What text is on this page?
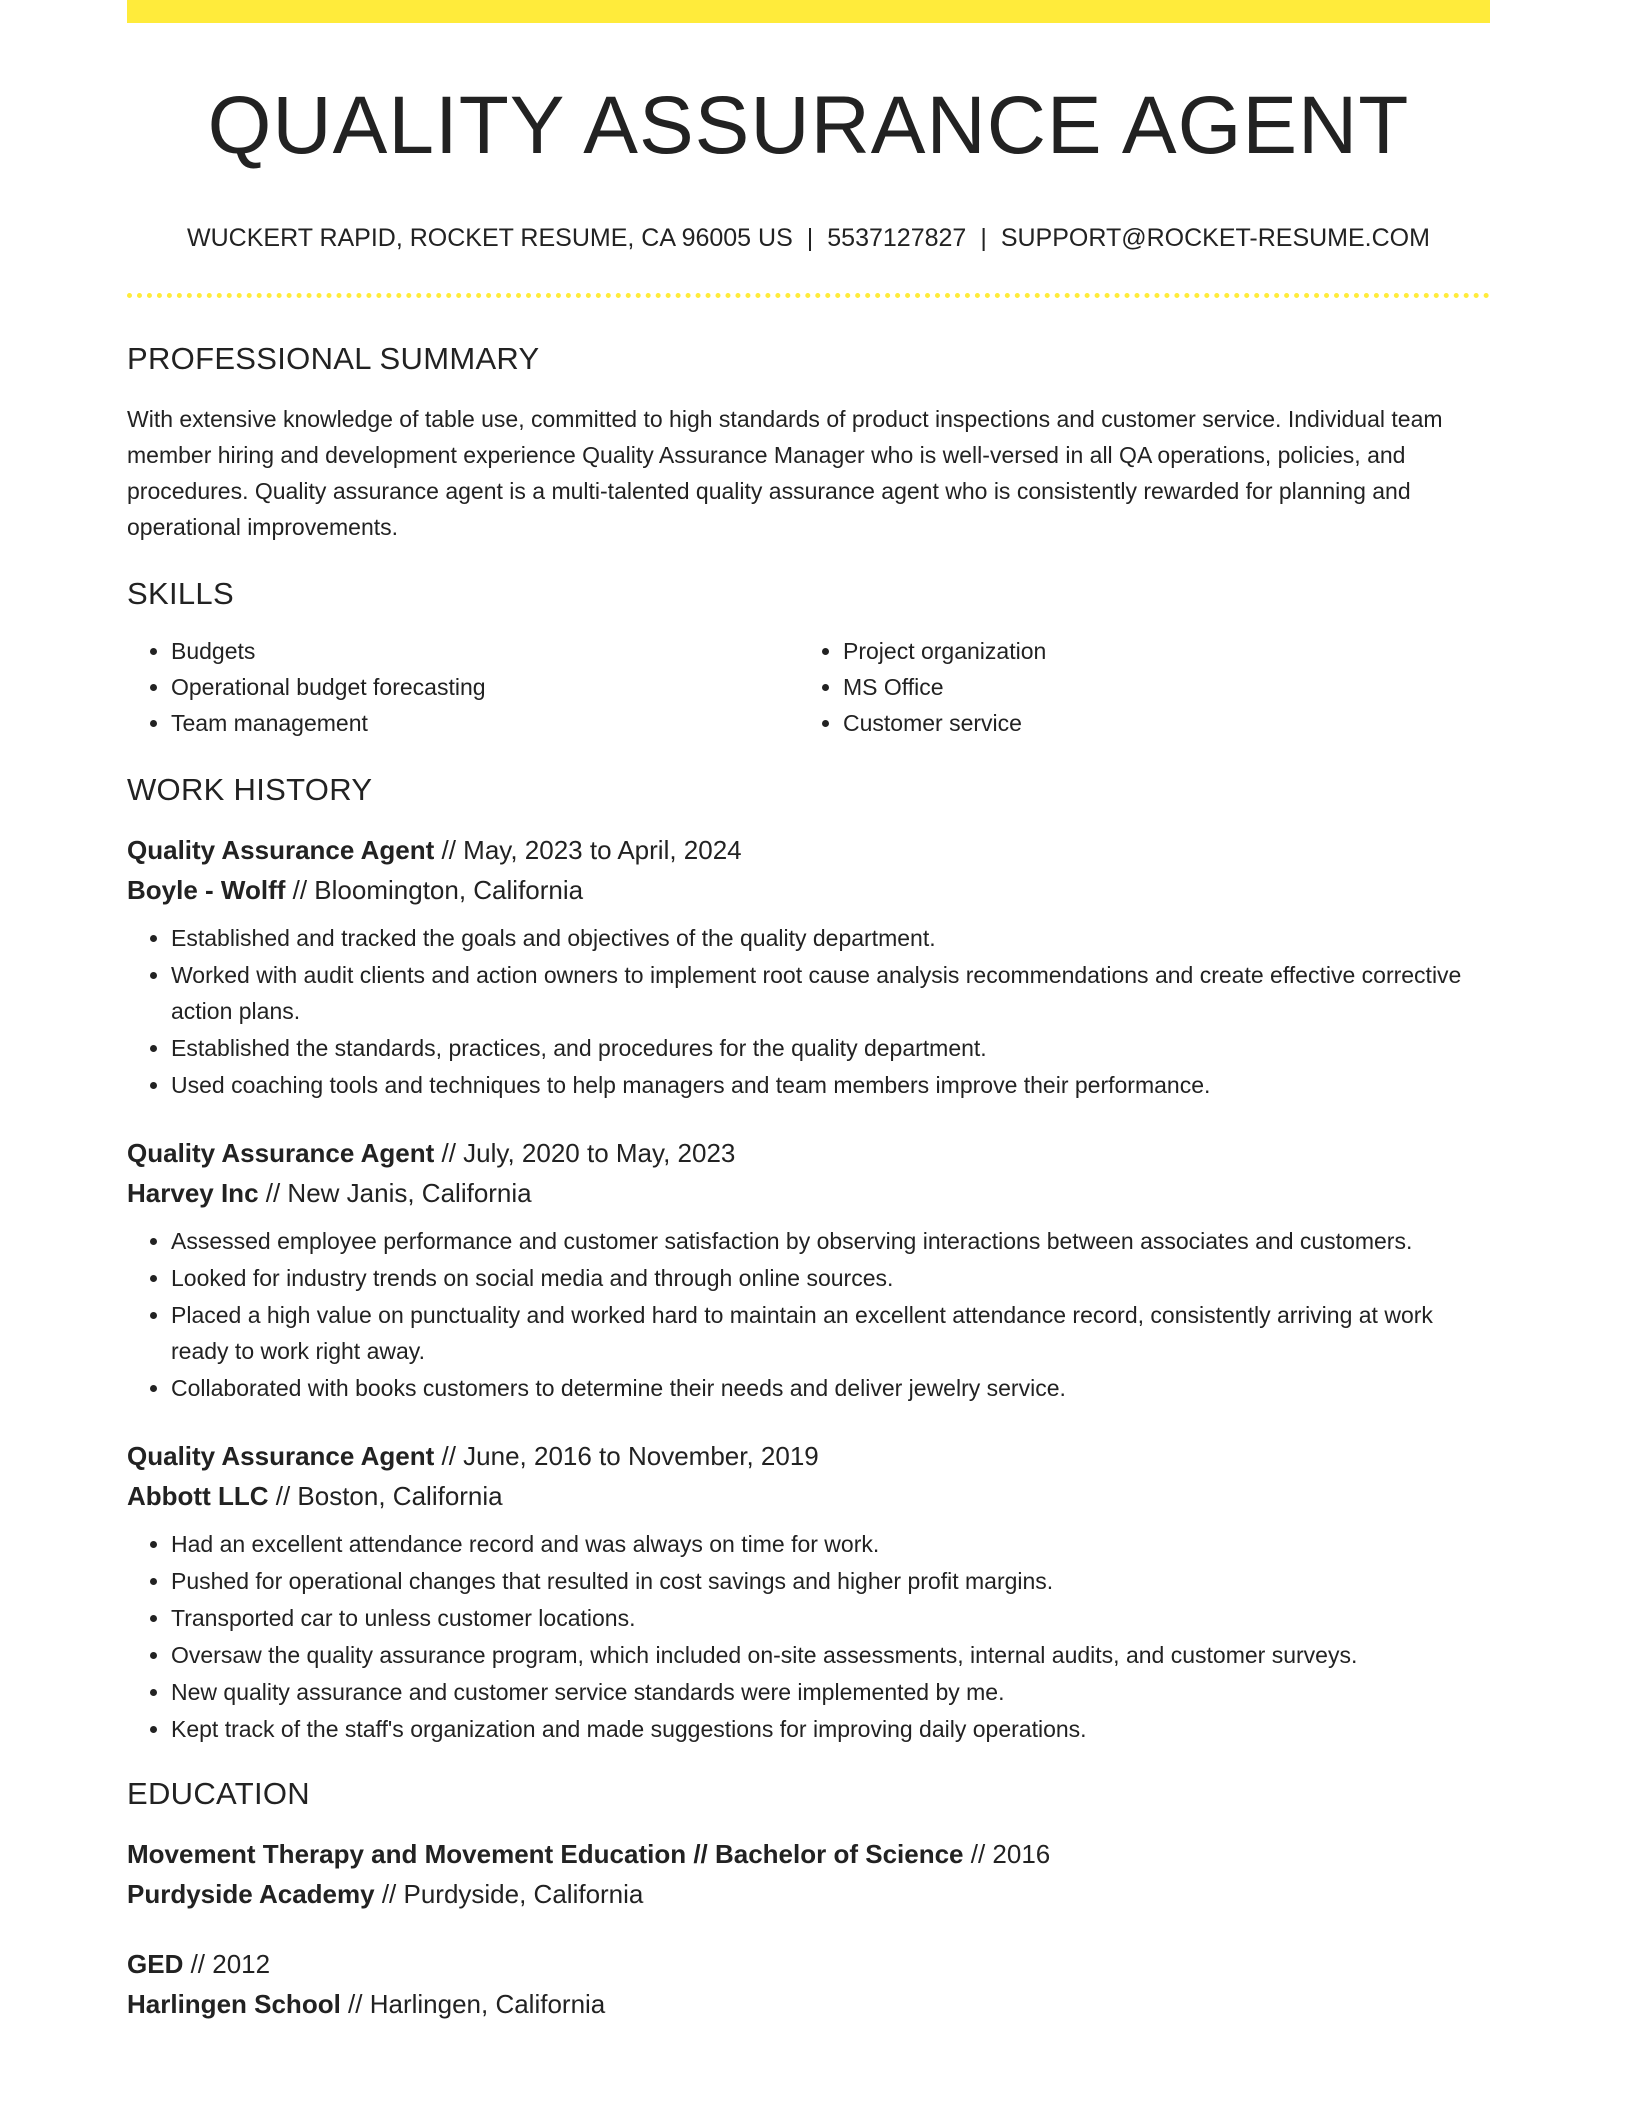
QUALITY ASSURANCE AGENT
WUCKERT RAPID, ROCKET RESUME, CA 96005 US | 5537127827 | SUPPORT@ROCKET-RESUME.COM
PROFESSIONAL SUMMARY

With extensive knowledge of table use, committed to high standards of product inspections and customer service. Individual team member hiring and development experience Quality Assurance Manager who is well-versed in all QA operations, policies, and procedures. Quality assurance agent is a multi-talented quality assurance agent who is consistently rewarded for planning and operational improvements.

SKILLS
• Budgets
• Operational budget forecasting
• Team management
• Project organization
• MS Office
• Customer service
WORK HISTORY
Quality Assurance Agent // May, 2023 to April, 2024
Boyle - Wolff // Bloomington, California
• Established and tracked the goals and objectives of the quality department.
• Worked with audit clients and action owners to implement root cause analysis recommendations and create effective corrective action plans.
• Established the standards, practices, and procedures for the quality department.
• Used coaching tools and techniques to help managers and team members improve their performance.
Quality Assurance Agent // July, 2020 to May, 2023
Harvey Inc // New Janis, California
• Assessed employee performance and customer satisfaction by observing interactions between associates and customers.
• Looked for industry trends on social media and through online sources.
• Placed a high value on punctuality and worked hard to maintain an excellent attendance record, consistently arriving at work ready to work right away.
• Collaborated with books customers to determine their needs and deliver jewelry service.
Quality Assurance Agent // June, 2016 to November, 2019
Abbott LLC // Boston, California
• Had an excellent attendance record and was always on time for work.
• Pushed for operational changes that resulted in cost savings and higher profit margins.
• Transported car to unless customer locations.
• Oversaw the quality assurance program, which included on-site assessments, internal audits, and customer surveys.
• New quality assurance and customer service standards were implemented by me.
• Kept track of the staff's organization and made suggestions for improving daily operations.
EDUCATION
Movement Therapy and Movement Education // Bachelor of Science // 2016
Purdyside Academy // Purdyside, California
GED // 2012
Harlingen School // Harlingen, California
